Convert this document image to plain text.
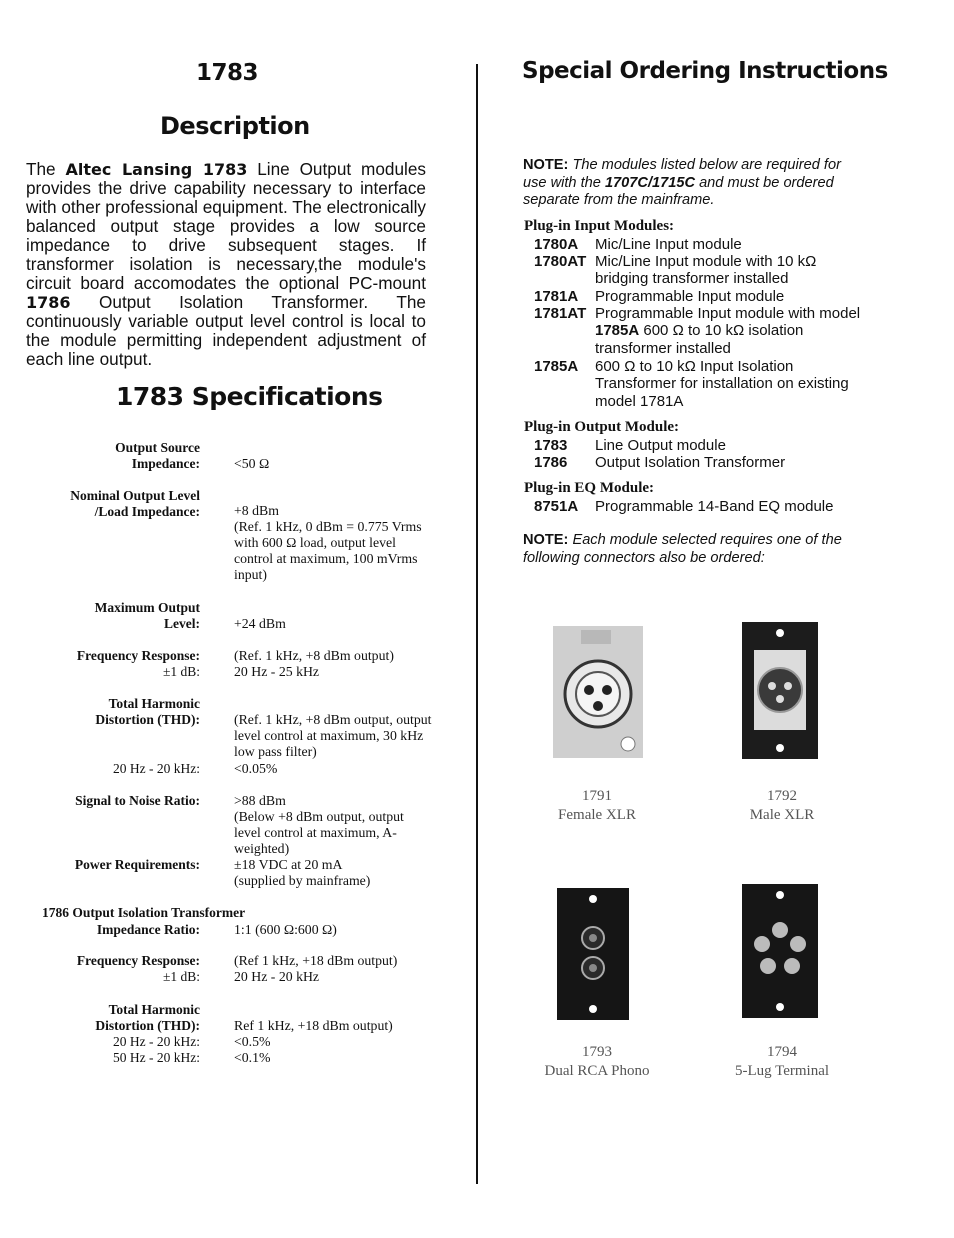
1783
Description
The Altec Lansing 1783 Line Output modules provides the drive capability necessary to interface with other professional equipment. The electronically balanced output stage provides a low source impedance to drive subsequent stages. If transformer isolation is necessary,the module's circuit board accomodates the optional PC-mount 1786 Output Isolation Transformer. The continuously variable output level control is local to the module permitting independent adjustment of each line output.
1783 Specifications
Output Source
Impedance: <50 Ω
Nominal Output Level
/Load Impedance: +8 dBm
(Ref. 1 kHz, 0 dBm = 0.775 Vrms with 600 Ω load, output level control at maximum, 100 mVrms input)
Maximum Output
Level: +24 dBm
Frequency Response:
±1 dB:
(Ref. 1 kHz, +8 dBm output)
20 Hz - 25 kHz
Total Harmonic
Distortion (THD): (Ref. 1 kHz, +8 dBm output, output level control at maximum, 30 kHz low pass filter)
20 Hz - 20 kHz: <0.05%
Signal to Noise Ratio: >88 dBm
(Below +8 dBm output, output level control at maximum, A-weighted)
Power Requirements: ±18 VDC at 20 mA
(supplied by mainframe)
1786 Output Isolation Transformer
Impedance Ratio: 1:1 (600 Ω:600 Ω)
Frequency Response:
±1 dB:
(Ref 1 kHz, +18 dBm output)
20 Hz - 20 kHz
Total Harmonic
Distortion (THD):
20 Hz - 20 kHz:
50 Hz - 20 kHz:
Ref 1 kHz, +18 dBm output)
<0.5%
<0.1%
Special Ordering Instructions
NOTE: The modules listed below are required for use with the 1707C/1715C and must be ordered separate from the mainframe.
Plug-in Input Modules:
1780A Mic/Line Input module
1780AT Mic/Line Input module with 10 kΩ bridging transformer installed
1781A Programmable Input module
1781AT Programmable Input module with model 1785A 600 Ω to 10 kΩ isolation transformer installed
1785A 600 Ω to 10 kΩ Input Isolation Transformer for installation on existing model 1781A
Plug-in Output Module:
1783 Line Output module
1786 Output Isolation Transformer
Plug-in EQ Module:
8751A Programmable 14-Band EQ module
NOTE: Each module selected requires one of the following connectors also be ordered:
1791
Female XLR
1792
Male XLR
1793
Dual RCA Phono
1794
5-Lug Terminal
